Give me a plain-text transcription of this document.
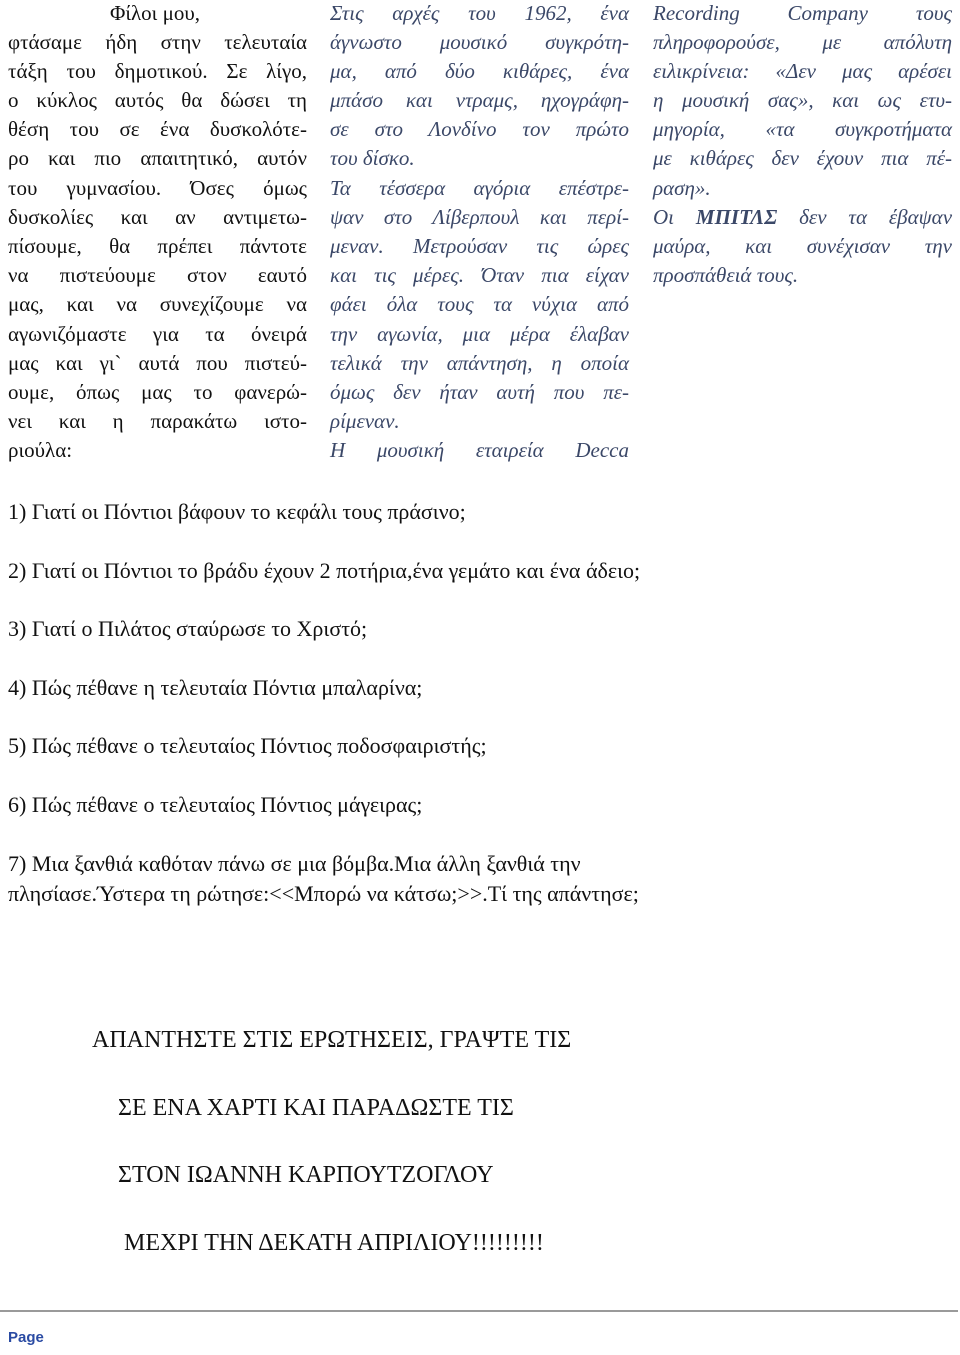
Φίλοι μου,
φτάσαμε ήδη στην τελευταία
τάξη του δημοτικού. Σε λίγο,
ο κύκλος αυτός θα δώσει τη
θέση του σε ένα δυσκολότε-
ρο και πιο απαιτητικό, αυτόν
του γυμνασίου. Όσες όμως
δυσκολίες και αν αντιμετω-
πίσουμε, θα πρέπει πάντοτε
να πιστεύουμε στον εαυτό
μας, και να συνεχίζουμε να
αγωνιζόμαστε για τα όνειρά
μας και γι` αυτά που πιστεύ-
ουμε, όπως μας το φανερώ-
νει και η παρακάτω ιστο-
ριούλα:
Στις αρχές του 1962, ένα
άγνωστο μουσικό συγκρότη-
μα, από δύο κιθάρες, ένα
μπάσο και ντραμς, ηχογράφη-
σε στο Λονδίνο τον πρώτο
του δίσκο.
Τα τέσσερα αγόρια επέστρε-
ψαν στο Λίβερπουλ και περί-
μεναν. Μετρούσαν τις ώρες
και τις μέρες. Όταν πια είχαν
φάει όλα τους τα νύχια από
την αγωνία, μια μέρα έλαβαν
τελικά την απάντηση, η οποία
όμως δεν ήταν αυτή που πε-
ρίμεναν.
Η μουσική εταιρεία Decca
Recording Company τους
πληροφορούσε, με απόλυτη
ειλικρίνεια: «Δεν μας αρέσει
η μουσική σας», και ως ετυ-
μηγορία, «τα συγκροτήματα
με κιθάρες δεν έχουν πια πέ-
ραση».
Οι ΜΠΙΤΛΣ δεν τα έβαψαν
μαύρα, και συνέχισαν την
προσπάθειά τους.
1) Γιατί οι Πόντιοι βάφουν το κεφάλι τους πράσινο;
2) Γιατί οι Πόντιοι το βράδυ έχουν 2 ποτήρια,ένα γεμάτο και ένα άδειο;
3) Γιατί ο Πιλάτος σταύρωσε το Χριστό;
4) Πώς πέθανε η τελευταία Πόντια μπαλαρίνα;
5) Πώς πέθανε ο τελευταίος Πόντιος ποδοσφαιριστής;
6) Πώς πέθανε ο τελευταίος Πόντιος μάγειρας;
7) Μια ξανθιά καθόταν πάνω σε μια βόμβα.Μια άλλη ξανθιά την
πλησίασε.Ύστερα τη ρώτησε:<<Μπορώ να κάτσω;>>.Τί της απάντησε;
ΑΠΑΝΤΗΣΤΕ ΣΤΙΣ ΕΡΩΤΗΣΕΙΣ, ΓΡΑΨΤΕ ΤΙΣ
ΣΕ ΕΝΑ ΧΑΡΤΙ ΚΑΙ ΠΑΡΑΔΩΣΤΕ ΤΙΣ
ΣΤΟΝ ΙΩΑΝΝΗ ΚΑΡΠΟΥΤΖΟΓΛΟΥ
ΜΕΧΡΙ ΤΗΝ ΔΕΚΑΤΗ ΑΠΡΙΛΙΟΥ!!!!!!!!!
Page
